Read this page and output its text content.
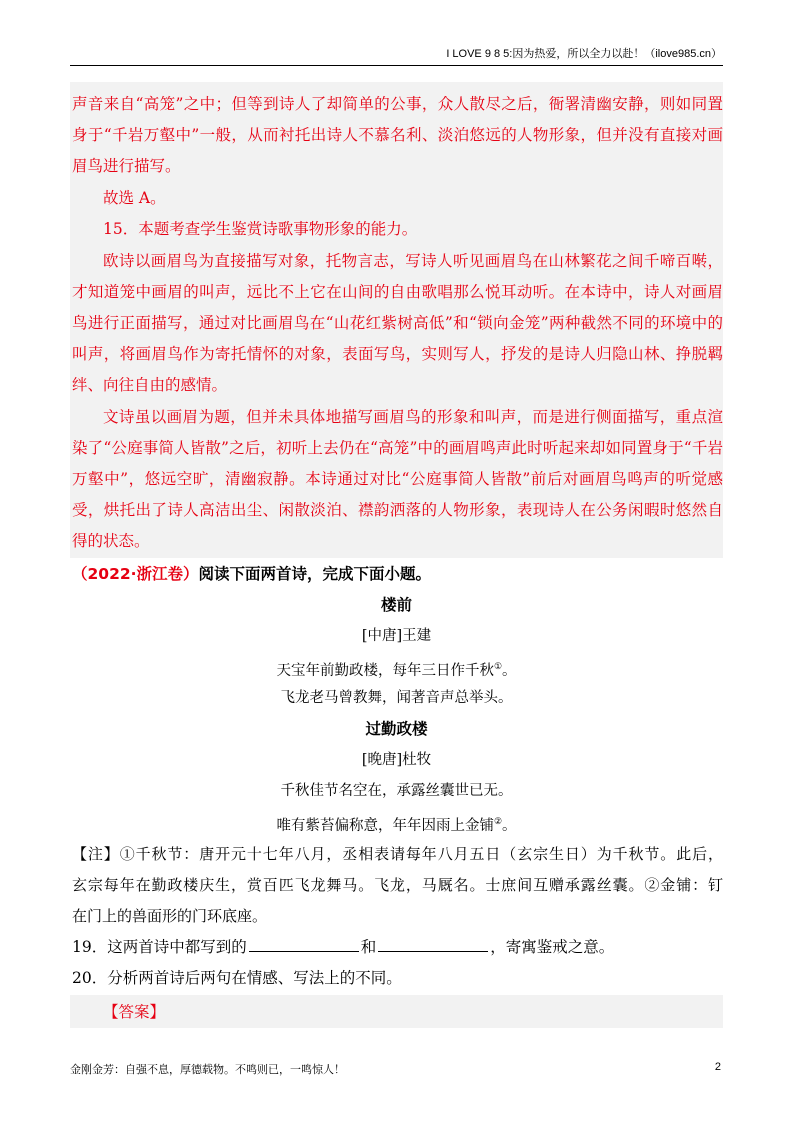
I LOVE 9 8 5:因为热爱，所以全力以赴！（ilove985.cn）
声音来自“高笼”之中；但等到诗人了却简单的公事，众人散尽之后，衙署清幽安静，则如同置
身于“千岩万壑中”一般，从而衬托出诗人不慕名利、淡泊悠远的人物形象，但并没有直接对画
眉鸟进行描写。
故选 A。
15．本题考查学生鉴赏诗歌事物形象的能力。
欧诗以画眉鸟为直接描写对象，托物言志，写诗人听见画眉鸟在山林繁花之间千啼百啭，
才知道笼中画眉的叫声，远比不上它在山间的自由歌唱那么悦耳动听。在本诗中，诗人对画眉
鸟进行正面描写，通过对比画眉鸟在“山花红紫树高低”和“锁向金笼”两种截然不同的环境中的
叫声，将画眉鸟作为寄托情怀的对象，表面写鸟，实则写人，抒发的是诗人归隐山林、挣脱羁
绊、向往自由的感情。
文诗虽以画眉为题，但并未具体地描写画眉鸟的形象和叫声，而是进行侧面描写，重点渲
染了“公庭事简人皆散”之后，初听上去仍在“高笼”中的画眉鸣声此时听起来却如同置身于“千岩
万壑中”，悠远空旷，清幽寂静。本诗通过对比“公庭事简人皆散”前后对画眉鸟鸣声的听觉感
受，烘托出了诗人高洁出尘、闲散淡泊、襟韵洒落的人物形象，表现诗人在公务闲暇时悠然自
得的状态。
（2022·浙江卷）阅读下面两首诗，完成下面小题。
楼前
[中唐]王建
天宝年前勤政楼，每年三日作千秋①。
飞龙老马曾教舞，闻著音声总举头。
过勤政楼
[晚唐]杜牧
千秋佳节名空在，承露丝囊世已无。
唯有紫苔偏称意，年年因雨上金铺②。
【注】①千秋节：唐开元十七年八月，丞相表请每年八月五日（玄宗生日）为千秋节。此后，
玄宗每年在勤政楼庆生，赏百匹飞龙舞马。飞龙，马厩名。士庶间互赠承露丝囊。②金铺：钉
在门上的兽面形的门环底座。
19．这两首诗中都写到的	和	，寄寓鉴戒之意。
20．分析两首诗后两句在情感、写法上的不同。
【答案】
金刚金芳：自强不息，厚德载物。不鸣则已，一鸣惊人！	2
